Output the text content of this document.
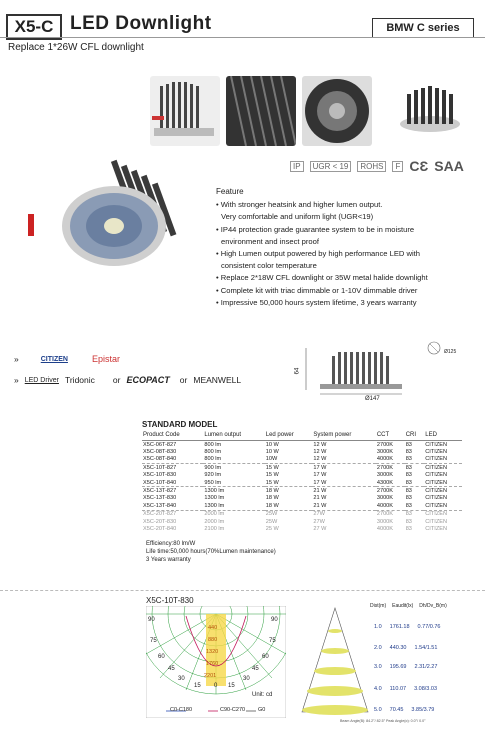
X5-C LED Downlight	BMW C series
Replace 1*26W CFL downlight
IP	UGR < 19	ROHS	F CƐ SAA
Feature
• With stronger heatsink and higher lumen output.
Very comfortable and uniform light (UGR<19)
• IP44 protection grade guarantee system to be in moisture
environment and insect proof
• High Lumen output powered by high performance LED with
consistent color temperature
• Replace 2*18W CFL downlight or 35W metal halide downlight
• Complete kit with triac dimmable or 1-10V dimmable driver
• Impressive 50,000 hours system lifetime, 3 years warranty
»	CITIZEN	Epistar
» LED Driver Tridonic or ECOPACT or MEANWELL
64
Ø147
Ø125
STANDARD MODEL
Product Code	Lumen output	Led power	System power	CCT	CRI	LED
X5C-06T-827	800 lm	10 W	12 W	2700K	83	CITIZEN
X5C-08T-830	800 lm	10 W	12 W	3000K	83	CITIZEN
X5C-08T-840	800 lm	10W	12 W	4000K	83	CITIZEN
X5C-10T-827	900 lm	15 W	17 W	2700K	83	CITIZEN
X5C-10T-830	920 lm	15 W	17 W	3000K	83	CITIZEN
X5C-10T-840	950 lm	15 W	17 W	4300K	83	CITIZEN
X5C-13T-827	1300 lm	18 W	21 W	2700K	83	CITIZEN
X5C-13T-830	1300 lm	18 W	21 W	3000K	83	CITIZEN
X5C-13T-840	1300 lm	18 W	21 W	4000K	83	CITIZEN
X5C-20T-827	2000 lm	25W	27W	2700K	83	CITIZEN
X5C-20T-830	2000 lm	25W	27W	3000K	83	CITIZEN
X5C-20T-840	2100 lm	25 W	27 W	4000K	83	CITIZEN
Efficiency:80 lm/W
Life time:50,000 hours(70%Lumen maintenance)
3 Years warranty
X5C-10T-830
90
75
60
45
30
15
90
75
60
45
30
15
0
440
880
1320
1760
2201
Unit: cd
C0-C180	C90-C270 G0
Dist(m) Eaudit(lx) Dh/Dv_B(m)
1.0 1761.18 0.77/0.76
2.0 440.30 1.54/1.51
3.0 195.69 2.31/2.27
4.0 110.07 3.08/3.03
5.0 70.45 3.85/3.79
Beam Angle(B): 84.2°/ 82.5° Peak Angle(α): 0.0°/ 0.0°
